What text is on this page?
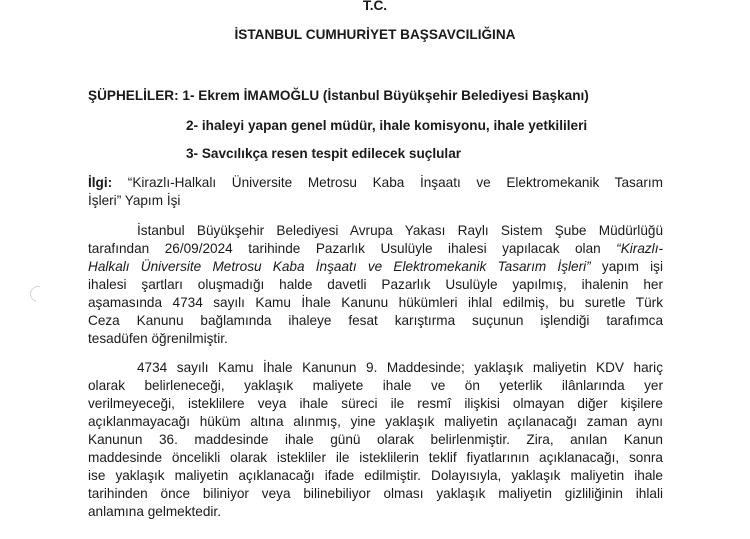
T.C.
İSTANBUL CUMHURİYET BAŞSAVCILIĞINA
ŞÜPHELİLER: 1- Ekrem İMAMOĞLU (İstanbul Büyükşehir Belediyesi Başkanı)
2- ihaleyi yapan genel müdür, ihale komisyonu, ihale yetkilileri
3- Savcılıkça resen tespit edilecek suçlular
İlgi: “Kirazlı-Halkalı Üniversite Metrosu Kaba İnşaatı ve Elektromekanik Tasarım
İşleri” Yapım İşi
İstanbul Büyükşehir Belediyesi Avrupa Yakası Raylı Sistem Şube Müdürlüğü
tarafından 26/09/2024 tarihinde Pazarlık Usulüyle ihalesi yapılacak olan “Kirazlı-
Halkalı Üniversite Metrosu Kaba İnşaatı ve Elektromekanik Tasarım İşleri” yapım işi
ihalesi şartları oluşmadığı halde davetli Pazarlık Usulüyle yapılmış, ihalenin her
aşamasında 4734 sayılı Kamu İhale Kanunu hükümleri ihlal edilmiş, bu suretle Türk
Ceza Kanunu bağlamında ihaleye fesat karıştırma suçunun işlendiği tarafımca
tesadüfen öğrenilmiştir.
4734 sayılı Kamu İhale Kanunun 9. Maddesinde; yaklaşık maliyetin KDV hariç
olarak belirleneceği, yaklaşık maliyete ihale ve ön yeterlik ilânlarında yer
verilmeyeceği, isteklilere veya ihale süreci ile resmî ilişkisi olmayan diğer kişilere
açıklanmayacağı hüküm altına alınmış, yine yaklaşık maliyetin açılanacağı zaman aynı
Kanunun 36. maddesinde ihale günü olarak belirlenmiştir. Zira, anılan Kanun
maddesinde öncelikli olarak istekliler ile isteklilerin teklif fiyatlarının açıklanacağı, sonra
ise yaklaşık maliyetin açıklanacağı ifade edilmiştir. Dolayısıyla, yaklaşık maliyetin ihale
tarihinden önce biliniyor veya bilinebiliyor olması yaklaşık maliyetin gizliliğinin ihlali
anlamına gelmektedir.
